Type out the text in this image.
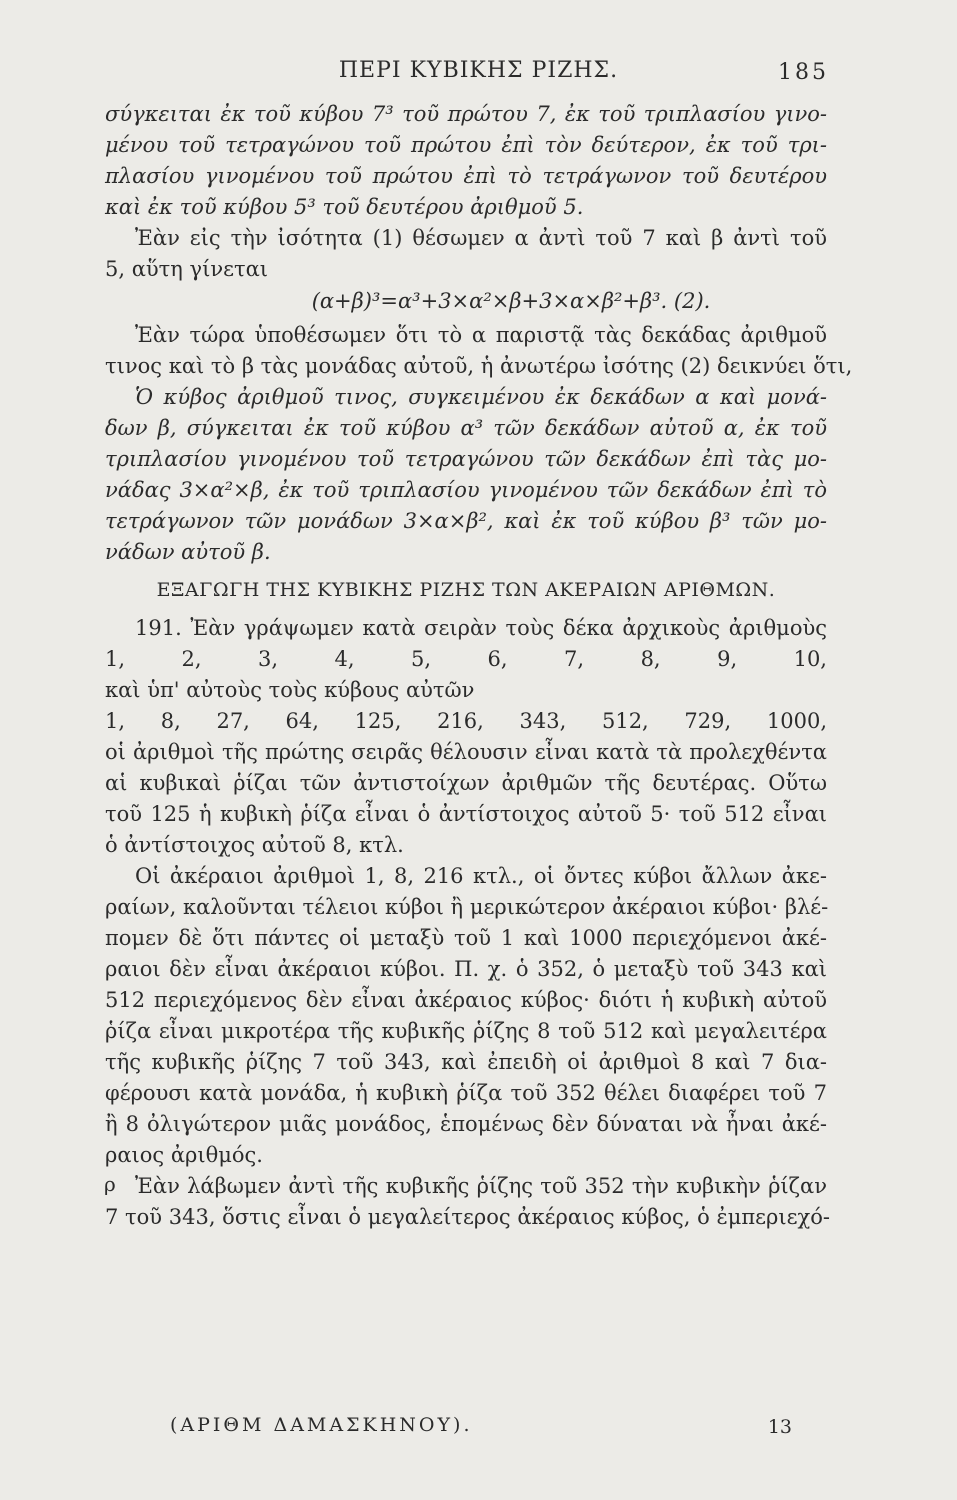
ΠΕΡΙ ΚΥΒΙΚΗΣ ΡΙΖΗΣ.	185
σύγκειται ἐκ τοῦ κύβου 7³ τοῦ πρώτου 7, ἐκ τοῦ τριπλασίου γινο-
μένου τοῦ τετραγώνου τοῦ πρώτου ἐπὶ τὸν δεύτερον, ἐκ τοῦ τρι-
πλασίου γινομένου τοῦ πρώτου ἐπὶ τὸ τετράγωνον τοῦ δευτέρου
καὶ ἐκ τοῦ κύβου 5³ τοῦ δευτέρου ἀριθμοῦ 5.
Ἐὰν εἰς τὴν ἰσότητα (1) θέσωμεν α ἀντὶ τοῦ 7 καὶ β ἀντὶ τοῦ
5, αὕτη γίνεται
(α+β)³=α³+3×α²×β+3×α×β²+β³. (2).
Ἐὰν τώρα ὑποθέσωμεν ὅτι τὸ α παριστᾷ τὰς δεκάδας ἀριθμοῦ
τινος καὶ τὸ β τὰς μονάδας αὐτοῦ, ἡ ἀνωτέρω ἰσότης (2) δεικνύει ὅτι,
Ὁ κύβος ἀριθμοῦ τινος, συγκειμένου ἐκ δεκάδων α καὶ μονά-
δων β, σύγκειται ἐκ τοῦ κύβου α³ τῶν δεκάδων αὐτοῦ α, ἐκ τοῦ
τριπλασίου γινομένου τοῦ τετραγώνου τῶν δεκάδων ἐπὶ τὰς μο-
νάδας 3×α²×β, ἐκ τοῦ τριπλασίου γινομένου τῶν δεκάδων ἐπὶ τὸ
τετράγωνον τῶν μονάδων 3×α×β², καὶ ἐκ τοῦ κύβου β³ τῶν μο-
νάδων αὐτοῦ β.
ΕΞΑΓΩΓΗ ΤΗΣ ΚΥΒΙΚΗΣ ΡΙΖΗΣ ΤΩΝ ΑΚΕΡΑΙΩΝ ΑΡΙΘΜΩΝ.
191. Ἐὰν γράψωμεν κατὰ σειρὰν τοὺς δέκα ἀρχικοὺς ἀριθμοὺς
1, 2, 3, 4, 5, 6, 7, 8, 9, 10,
καὶ ὑπ' αὐτοὺς τοὺς κύβους αὐτῶν
1, 8, 27, 64, 125, 216, 343, 512, 729, 1000,
οἱ ἀριθμοὶ τῆς πρώτης σειρᾶς θέλουσιν εἶναι κατὰ τὰ προλεχθέντα
αἱ κυβικαὶ ῥίζαι τῶν ἀντιστοίχων ἀριθμῶν τῆς δευτέρας. Οὕτω
τοῦ 125 ἡ κυβικὴ ῥίζα εἶναι ὁ ἀντίστοιχος αὐτοῦ 5· τοῦ 512 εἶναι
ὁ ἀντίστοιχος αὐτοῦ 8, κτλ.
Οἱ ἀκέραιοι ἀριθμοὶ 1, 8, 216 κτλ., οἱ ὄντες κύβοι ἄλλων ἀκε-
ραίων, καλοῦνται τέλειοι κύβοι ἢ μερικώτερον ἀκέραιοι κύβοι· βλέ-
πομεν δὲ ὅτι πάντες οἱ μεταξὺ τοῦ 1 καὶ 1000 περιεχόμενοι ἀκέ-
ραιοι δὲν εἶναι ἀκέραιοι κύβοι. Π. χ. ὁ 352, ὁ μεταξὺ τοῦ 343 καὶ
512 περιεχόμενος δὲν εἶναι ἀκέραιος κύβος· διότι ἡ κυβικὴ αὐτοῦ
ῥίζα εἶναι μικροτέρα τῆς κυβικῆς ῥίζης 8 τοῦ 512 καὶ μεγαλειτέρα
τῆς κυβικῆς ῥίζης 7 τοῦ 343, καὶ ἐπειδὴ οἱ ἀριθμοὶ 8 καὶ 7 δια-
φέρουσι κατὰ μονάδα, ἡ κυβικὴ ῥίζα τοῦ 352 θέλει διαφέρει τοῦ 7
ἢ 8 ὀλιγώτερον μιᾶς μονάδος, ἑπομένως δὲν δύναται νὰ ἦναι ἀκέ-
ραιος ἀριθμός.
Ἐὰν λάβωμεν ἀντὶ τῆς κυβικῆς ῥίζης τοῦ 352 τὴν κυβικὴν ῥίζαν
7 τοῦ 343, ὅστις εἶναι ὁ μεγαλείτερος ἀκέραιος κύβος, ὁ ἐμπεριεχό-
ρ
(ΑΡΙΘΜ ΔΑΜΑΣΚΗΝΟΥ).	13
